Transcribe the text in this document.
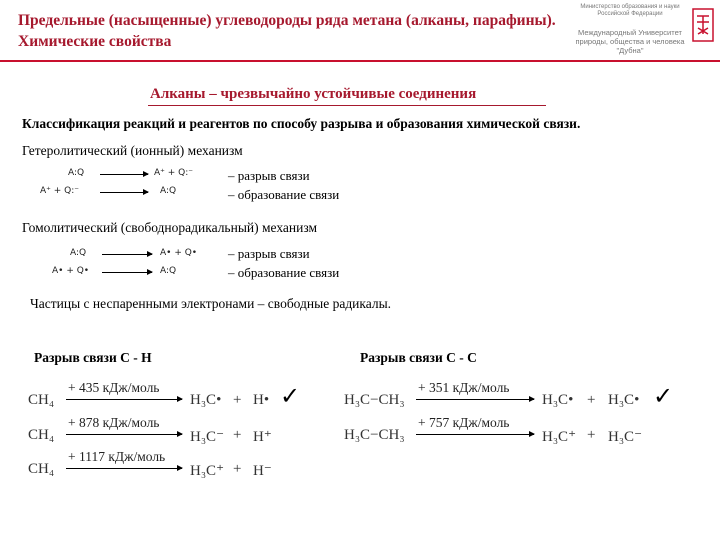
Предельные (насыщенные) углеводороды ряда метана (алканы, парафины). Химические свойства
Министерство образования и науки Российской Федерации
Международный Университет природы, общества и человека "Дубна"
Алканы – чрезвычайно устойчивые соединения
Классификация реакций и реагентов по способу разрыва и образования химической связи.
Гетеролитический (ионный) механизм
A:Q	A⁺ + Q:⁻
A⁺ + Q:⁻	A:Q
– разрыв связи
– образование связи
Гомолитический (свободнорадикальный) механизм
A:Q	A• + Q•
A• + Q•	A:Q
– разрыв связи
– образование связи
Частицы с неспаренными электронами – свободные радикалы.
Разрыв связи C - H
CH₄
+ 435 кДж/моль
H₃C• + H• ✓
CH₄
+ 878 кДж/моль
H₃C⁻ + H⁺
CH₄
+ 1117 кДж/моль
H₃C⁺ + H⁻
Разрыв связи C - C
H₃C−CH₃
+ 351 кДж/моль
H₃C• + H₃C• ✓
H₃C−CH₃
+ 757 кДж/моль
H₃C⁺ + H₃C⁻
